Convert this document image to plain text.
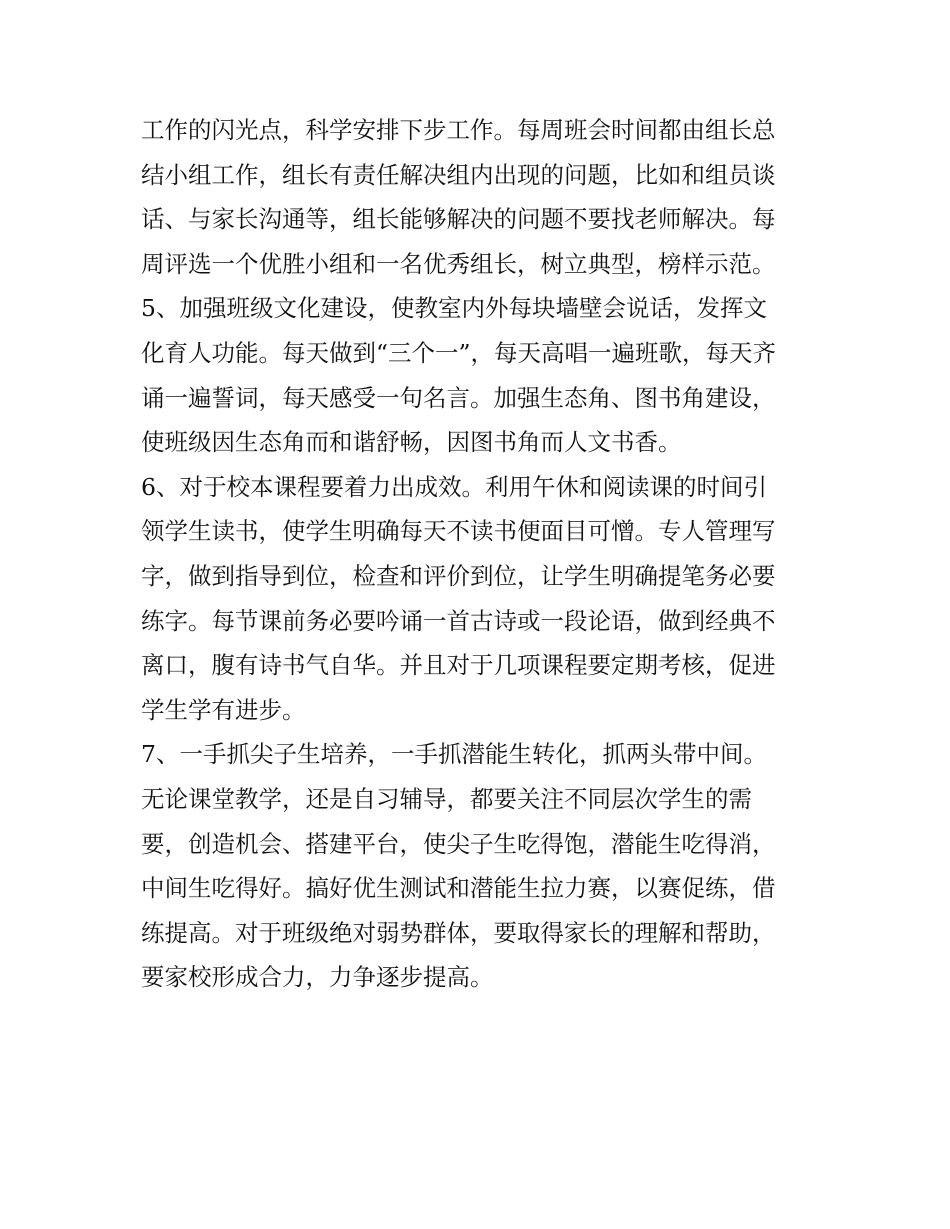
工作的闪光点，科学安排下步工作。每周班会时间都由组长总
结小组工作，组长有责任解决组内出现的问题，比如和组员谈
话、与家长沟通等，组长能够解决的问题不要找老师解决。每
周评选一个优胜小组和一名优秀组长，树立典型，榜样示范。
5、加强班级文化建设，使教室内外每块墙壁会说话，发挥文
化育人功能。每天做到“三个一”，每天高唱一遍班歌，每天齐
诵一遍誓词，每天感受一句名言。加强生态角、图书角建设，
使班级因生态角而和谐舒畅，因图书角而人文书香。
6、对于校本课程要着力出成效。利用午休和阅读课的时间引
领学生读书，使学生明确每天不读书便面目可憎。专人管理写
字，做到指导到位，检查和评价到位，让学生明确提笔务必要
练字。每节课前务必要吟诵一首古诗或一段论语，做到经典不
离口，腹有诗书气自华。并且对于几项课程要定期考核，促进
学生学有进步。
7、一手抓尖子生培养，一手抓潜能生转化，抓两头带中间。
无论课堂教学，还是自习辅导，都要关注不同层次学生的需
要，创造机会、搭建平台，使尖子生吃得饱，潜能生吃得消，
中间生吃得好。搞好优生测试和潜能生拉力赛，以赛促练，借
练提高。对于班级绝对弱势群体，要取得家长的理解和帮助，
要家校形成合力，力争逐步提高。
